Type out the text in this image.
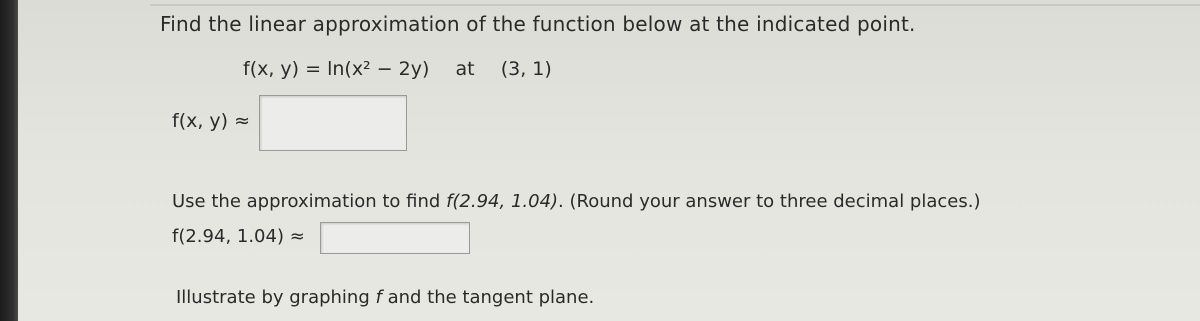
Find the linear approximation of the function below at the indicated point.
f(x, y) = ln(x² − 2y) at (3, 1)
f(x, y) ≈
Use the approximation to find f(2.94, 1.04). (Round your answer to three decimal places.)
f(2.94, 1.04) ≈
Illustrate by graphing f and the tangent plane.
